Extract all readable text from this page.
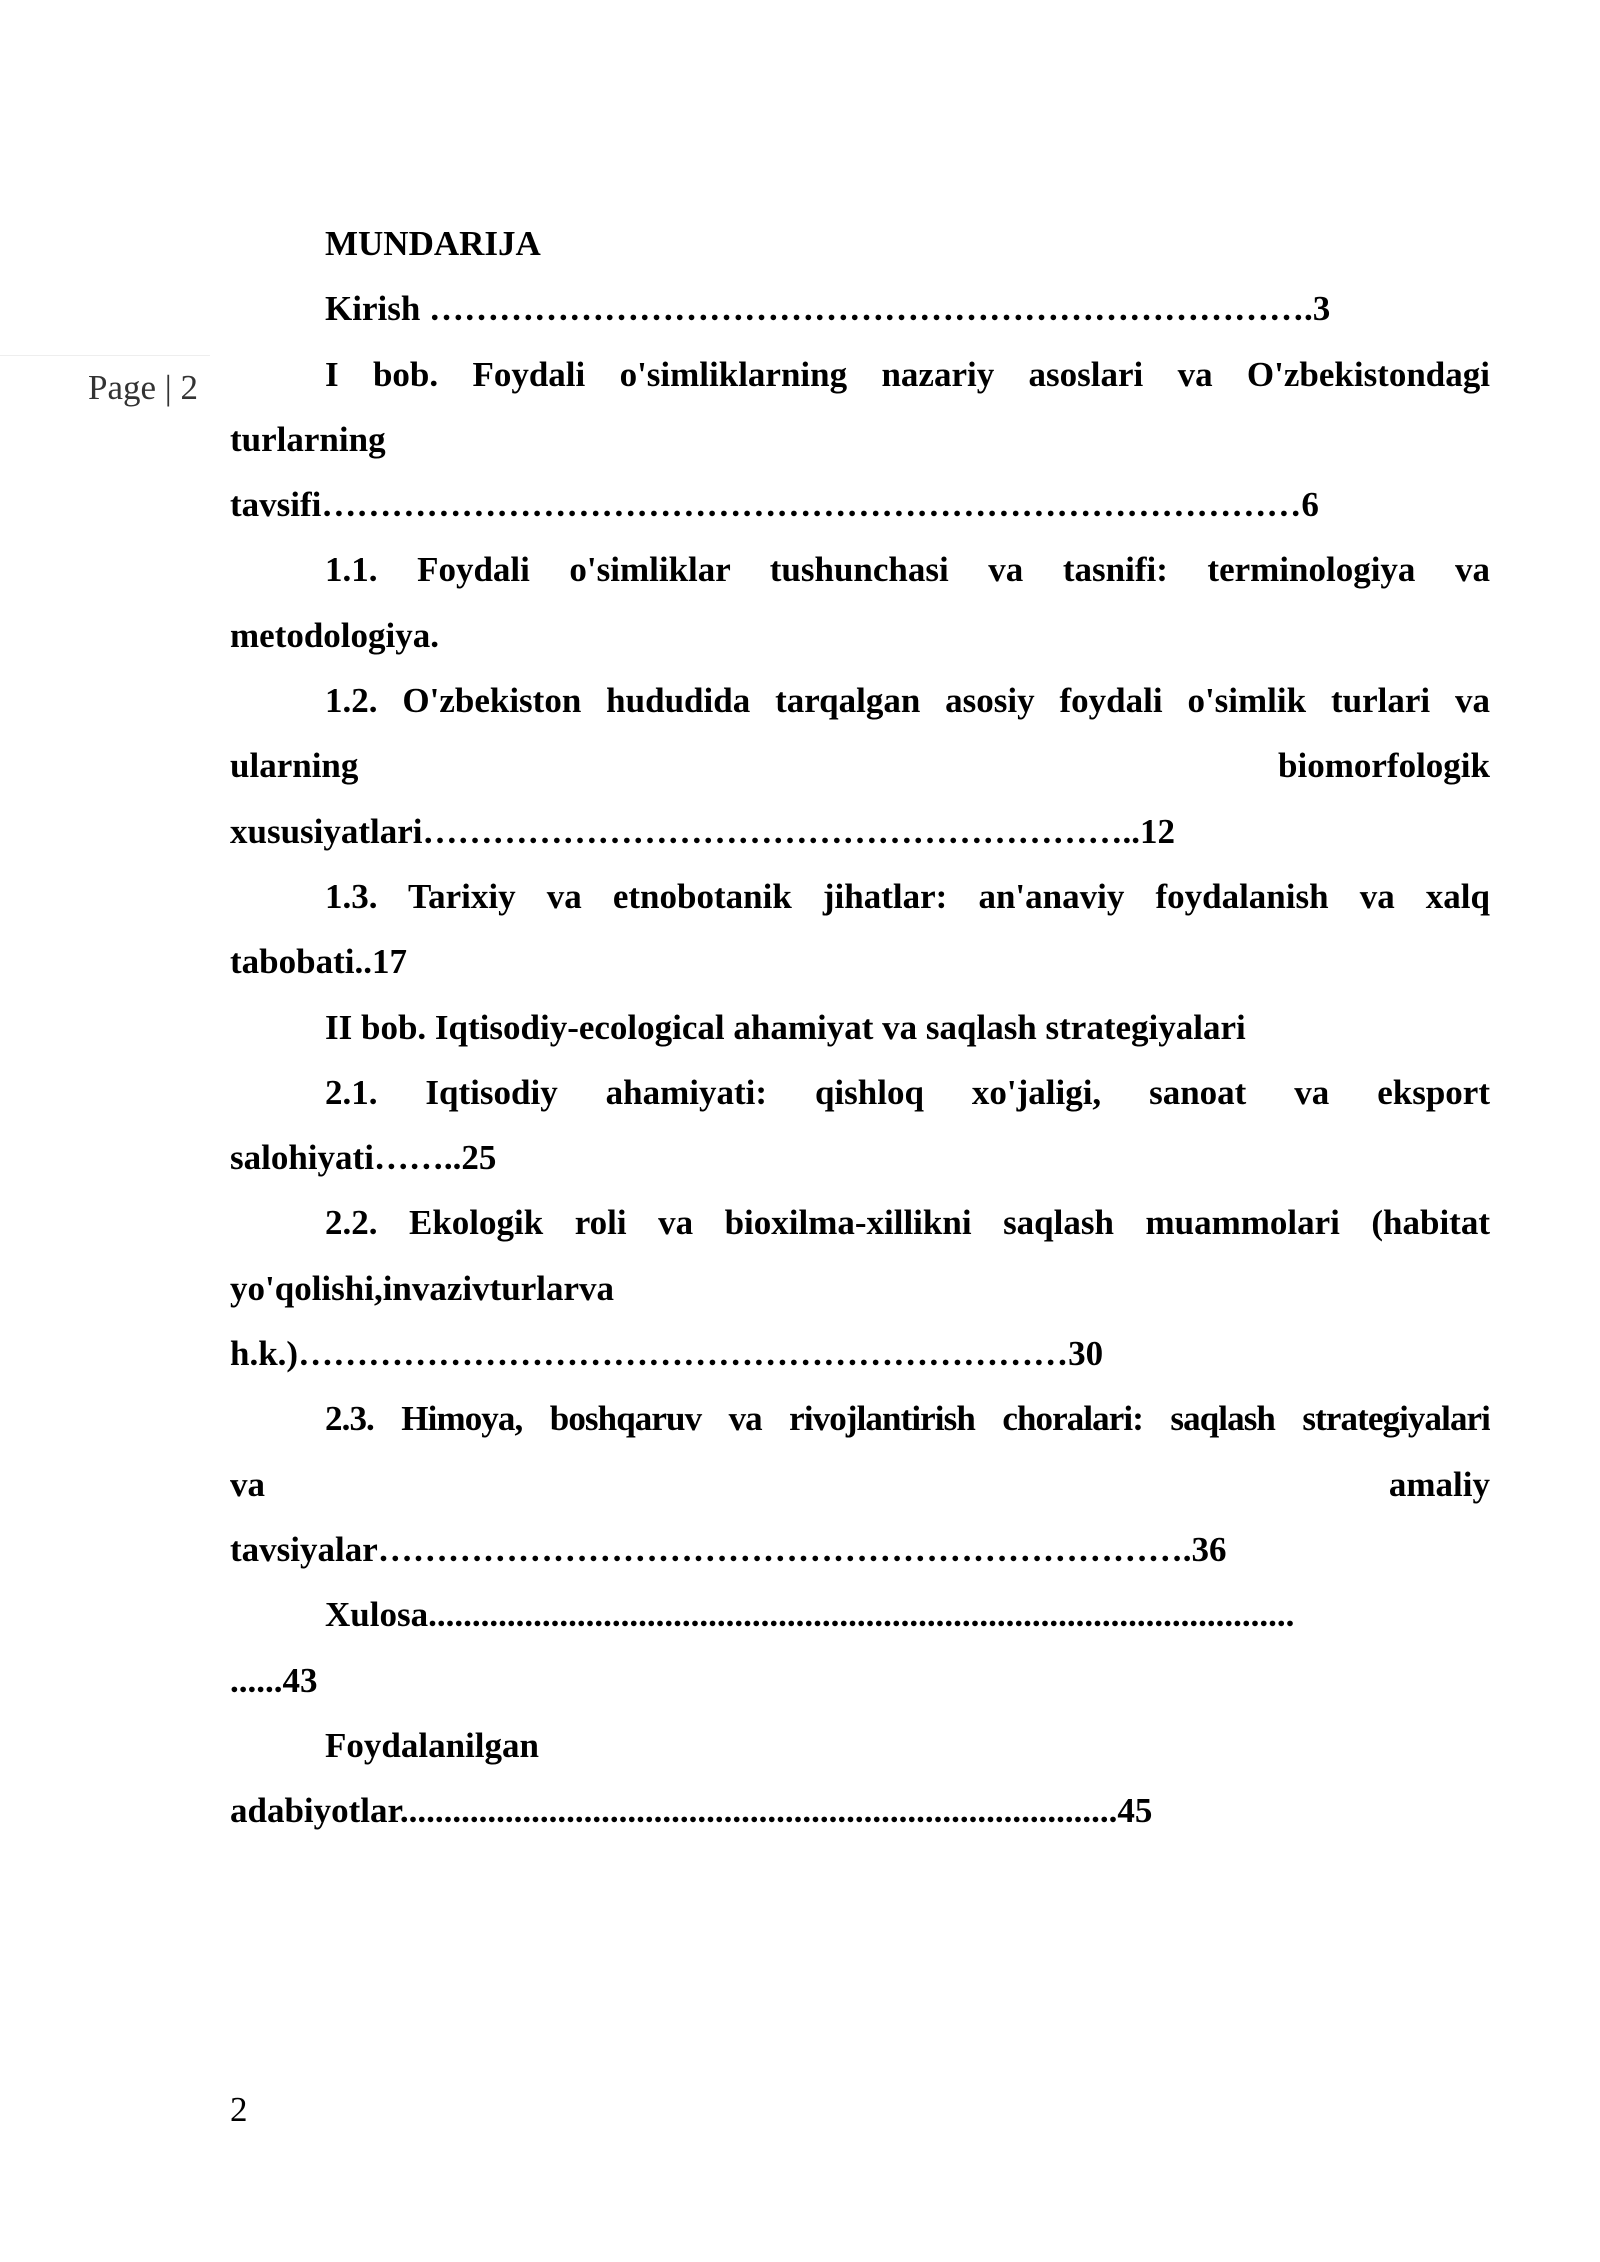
Page | 2
MUNDARIJA
Kirish ………………………………………………………………….3
I bob. Foydali o'simliklarning nazariy asoslari va O'zbekistondagi
turlarning
tavsifi…………………………………………………………………………6
1.1. Foydali o'simliklar tushunchasi va tasnifi: terminologiya va
metodologiya.
1.2. O'zbekiston hududida tarqalgan asosiy foydali o'simlik turlari va
ularning	biomorfologik
xususiyatlari……………………………………………………..12
1.3. Tarixiy va etnobotanik jihatlar: an'anaviy foydalanish va xalq
tabobati..17
II bob. Iqtisodiy-ecological ahamiyat va saqlash strategiyalari
2.1. Iqtisodiy ahamiyati: qishloq xo'jaligi, sanoat va eksport
salohiyati……..25
2.2. Ekologik roli va bioxilma-xillikni saqlash muammolari (habitat
yo'qolishi,invazivturlarva
h.k.)…………………………………………………………30
2.3. Himoya, boshqaruv va rivojlantirish choralari: saqlash strategiyalari
va	amaliy
tavsiyalar…………………………………………………………….36
Xulosa...................................................................................................
......43
Foydalanilgan
adabiyotlar..................................................................................45
2
